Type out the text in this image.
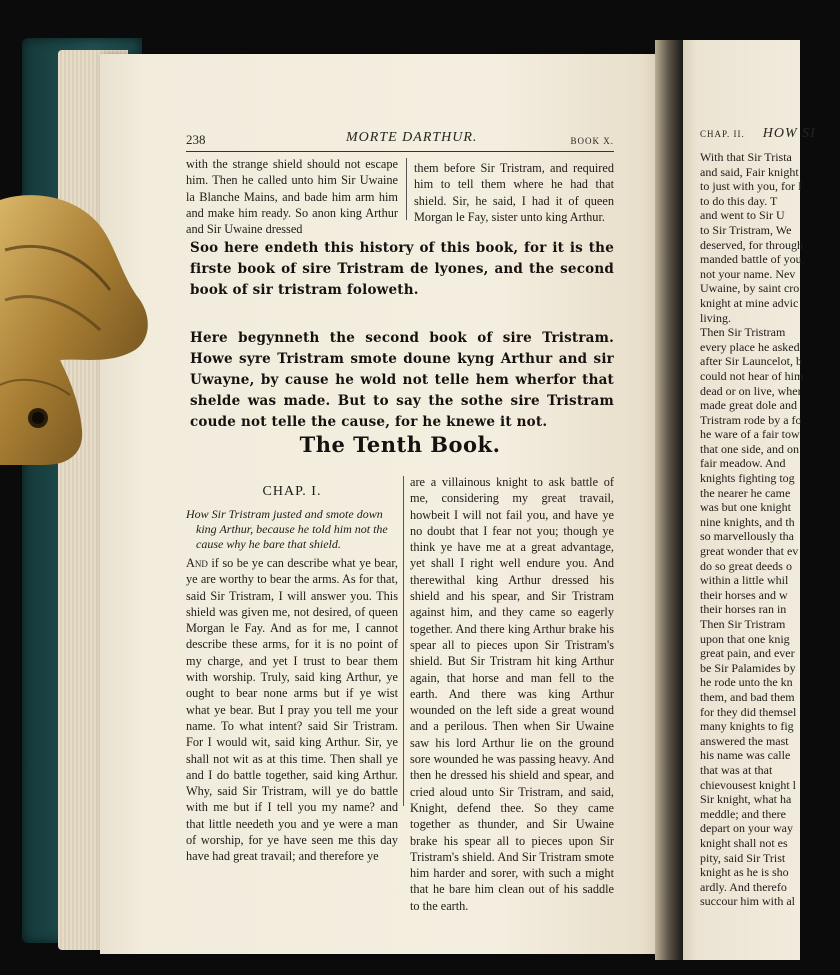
238	MORTE DARTHUR.	BOOK X.
with the strange shield should not escape him. Then he called unto him Sir Uwaine la Blanche Mains, and bade him arm him and make him ready. So anon king Arthur and Sir Uwaine dressed
them before Sir Tristram, and required him to tell them where he had that shield. Sir, he said, I had it of queen Morgan le Fay, sister unto king Arthur.
Soo here endeth this history of this book, for it is the firste book of sire Tristram de lyones, and the second book of sir tristram foloweth.
Here begynneth the second book of sire Tristram. Howe syre Tristram smote doune kyng Arthur and sir Uwayne, by cause he wold not telle hem wherfor that shelde was made. But to say the sothe sire Tristram coude not telle the cause, for he knewe it not.
The Tenth Book.
CHAP. I.
How Sir Tristram justed and smote down king Arthur, because he told him not the cause why he bare that shield.
And if so be ye can describe what ye bear, ye are worthy to bear the arms. As for that, said Sir Tristram, I will answer you. This shield was given me, not desired, of queen Morgan le Fay. And as for me, I cannot describe these arms, for it is no point of my charge, and yet I trust to bear them with worship. Truly, said king Arthur, ye ought to bear none arms but if ye wist what ye bear. But I pray you tell me your name. To what intent? said Sir Tristram. For I would wit, said king Arthur. Sir, ye shall not wit as at this time. Then shall ye and I do battle together, said king Arthur. Why, said Sir Tristram, will ye do battle with me but if I tell you my name? and that little needeth you and ye were a man of worship, for ye have seen me this day have had great travail; and therefore ye
are a villainous knight to ask battle of me, considering my great travail, howbeit I will not fail you, and have ye no doubt that I fear not you; though ye think ye have me at a great advantage, yet shall I right well endure you. And therewithal king Arthur dressed his shield and his spear, and Sir Tristram against him, and they came so eagerly together. And there king Arthur brake his spear all to pieces upon Sir Tristram's shield. But Sir Tristram hit king Arthur again, that horse and man fell to the earth. And there was king Arthur wounded on the left side a great wound and a perilous. Then when Sir Uwaine saw his lord Arthur lie on the ground sore wounded he was passing heavy. And then he dressed his shield and spear, and cried aloud unto Sir Tristram, and said, Knight, defend thee. So they came together as thunder, and Sir Uwaine brake his spear all to pieces upon Sir Tristram's shield. And Sir Tristram smote him harder and sorer, with such a might that he bare him clean out of his saddle to the earth.
CHAP. II. HOW SI
With that Sir Trista
and said, Fair knight
to just with you, for I
to do this day. T
and went to Sir U
to Sir Tristram, We
deserved, for through
manded battle of you,
not your name. Nev
Uwaine, by saint cro
knight at mine advic
living.
Then Sir Tristram
every place he asked
after Sir Launcelot, b
could not hear of him
dead or on live, wher
made great dole and
Tristram rode by a fo
he ware of a fair tow
that one side, and on
fair meadow. And
knights fighting tog
the nearer he came
was but one knight
nine knights, and th
so marvellously tha
great wonder that ev
do so great deeds o
within a little whil
their horses and w
their horses ran in
Then Sir Tristram
upon that one knig
great pain, and ever
be Sir Palamides by
he rode unto the kn
them, and bad them
for they did themsel
many knights to fig
answered the mast
his name was calle
that was at that
chievousest knight l
Sir knight, what ha
meddle; and there
depart on your way
knight shall not es
pity, said Sir Trist
knight as he is sho
ardly. And therefo
succour him with al
